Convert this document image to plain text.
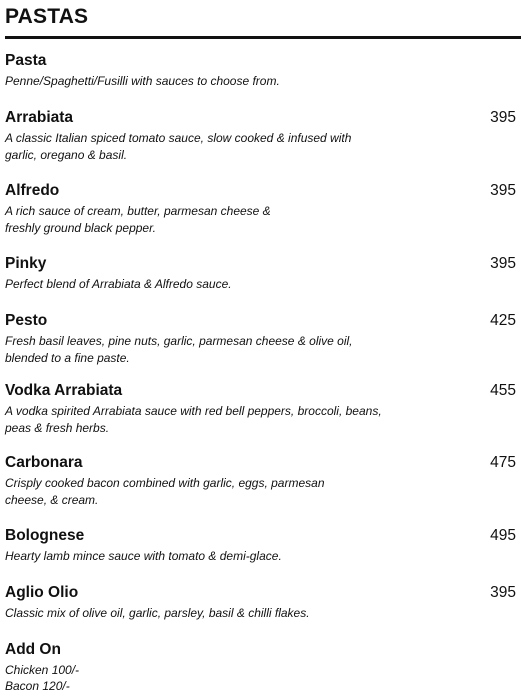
PASTAS
Pasta
Penne/Spaghetti/Fusilli with sauces to choose from.
Arrabiata	395
A classic Italian spiced tomato sauce, slow cooked & infused with garlic, oregano & basil.
Alfredo	395
A rich sauce of cream, butter, parmesan cheese & freshly ground black pepper.
Pinky	395
Perfect blend of Arrabiata & Alfredo sauce.
Pesto	425
Fresh basil leaves, pine nuts, garlic, parmesan cheese & olive oil, blended to a fine paste.
Vodka Arrabiata	455
A vodka spirited Arrabiata sauce with red bell peppers, broccoli, beans, peas & fresh herbs.
Carbonara	475
Crisply cooked bacon combined with garlic, eggs, parmesan cheese, & cream.
Bolognese	495
Hearty lamb mince sauce with tomato & demi-glace.
Aglio Olio	395
Classic mix of olive oil, garlic, parsley, basil & chilli flakes.
Add On
Chicken 100/-
Bacon 120/-
